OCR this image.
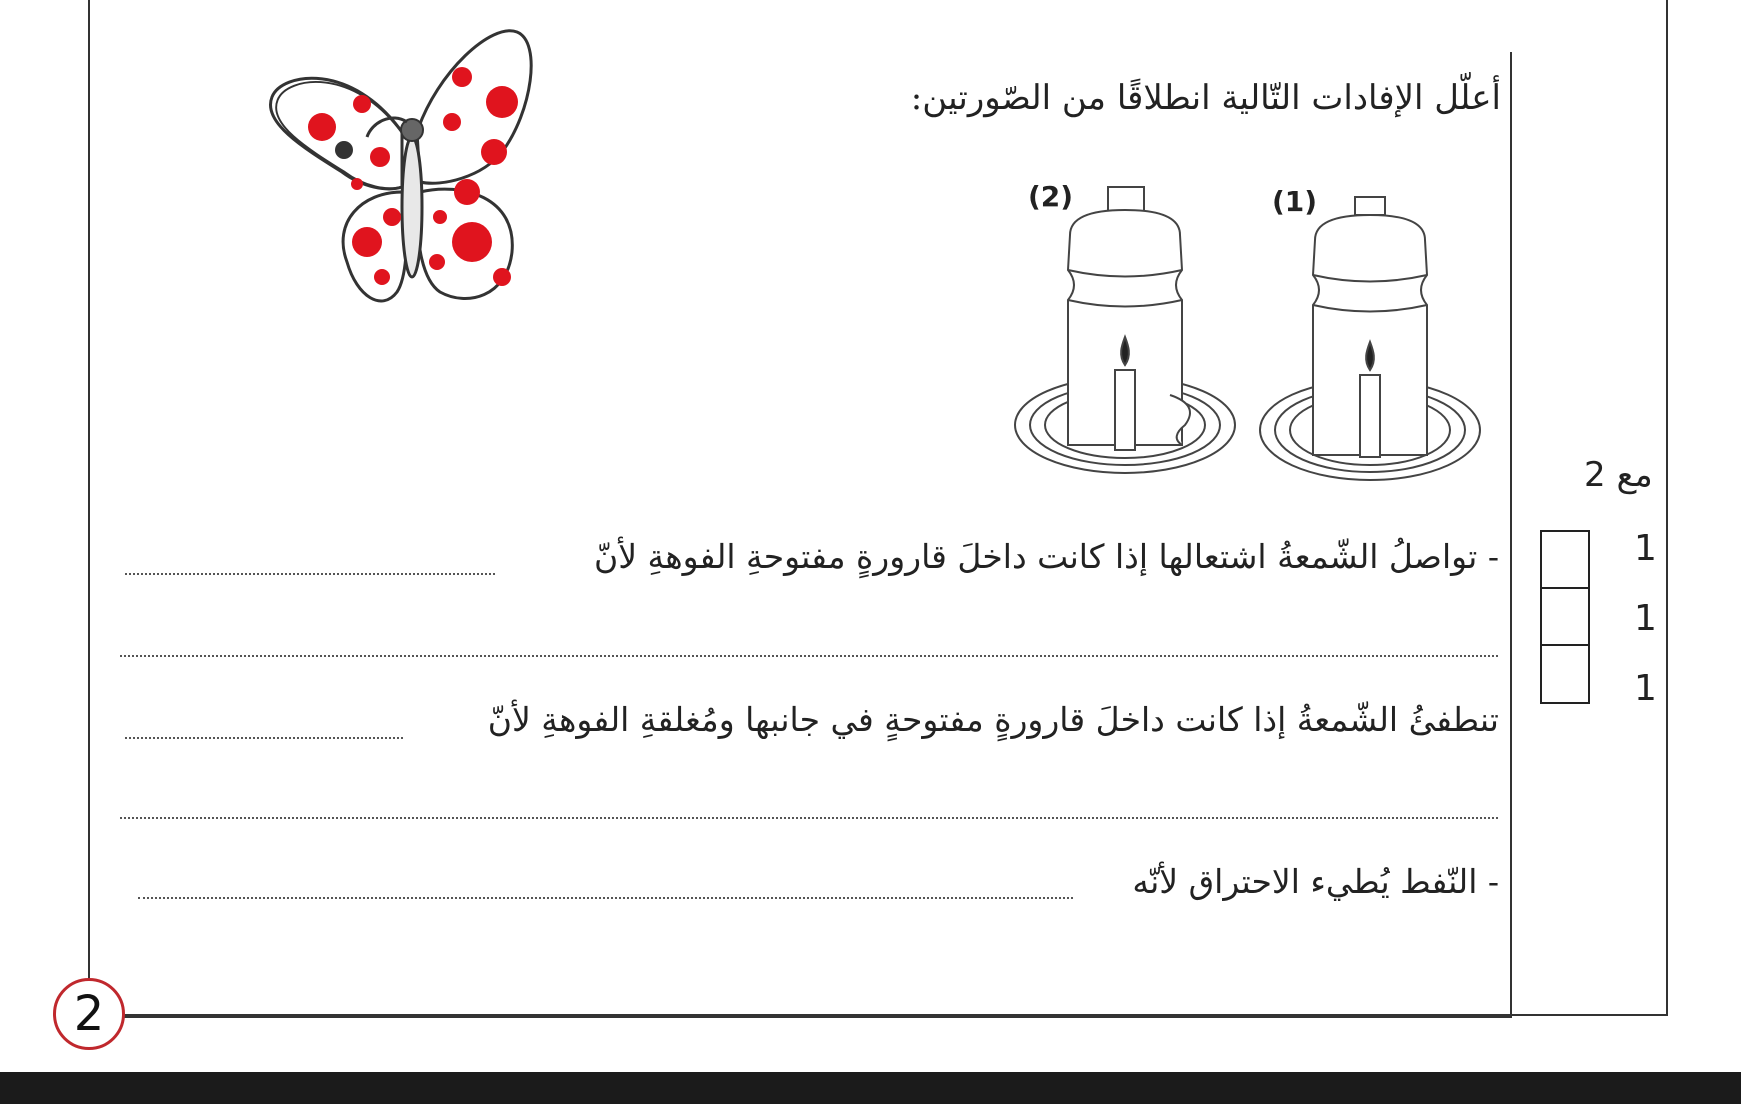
أعلّل الإفادات التّالية انطلاقًا من الصّورتين:
(2)	(1)
- تواصلُ الشّمعةُ اشتعالها إذا كانت داخلَ قارورةٍ مفتوحةِ الفوهةِ لأنّ
تنطفئُ الشّمعةُ إذا كانت داخلَ قارورةٍ مفتوحةٍ في جانبها ومُغلقةِ الفوهةِ لأنّ
- النّفط يُطيء الاحتراق لأنّه
مع 2
1
1
1
2
